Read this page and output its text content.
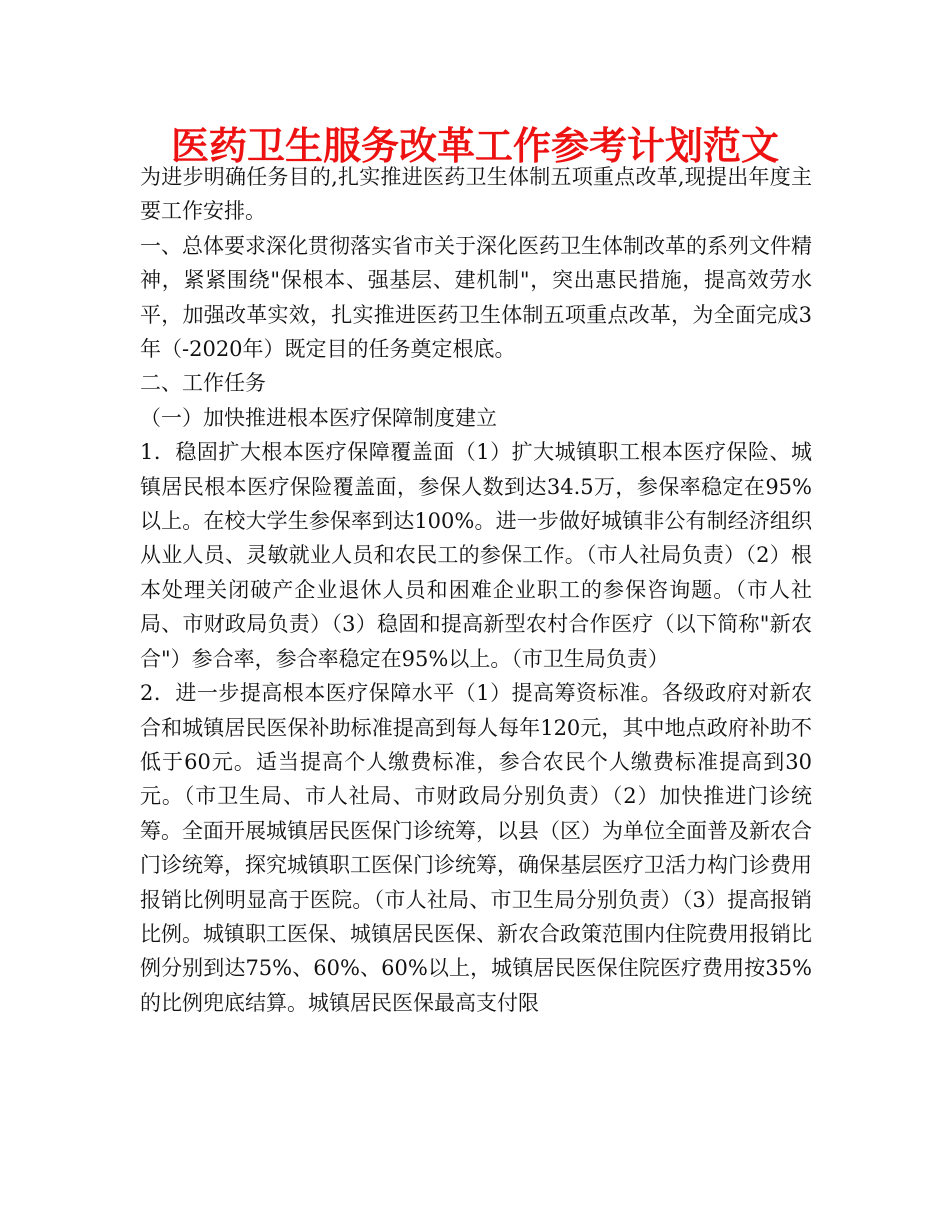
医药卫生服务改革工作参考计划范文

为进步明确任务目的,扎实推进医药卫生体制五项重点改革,现提出年度主要工作安排。

一、总体要求深化贯彻落实省市关于深化医药卫生体制改革的系列文件精神，紧紧围绕"保根本、强基层、建机制"，突出惠民措施，提高效劳水平，加强改革实效，扎实推进医药卫生体制五项重点改革，为全面完成3年（-2020年）既定目的任务奠定根底。

二、工作任务

（一）加快推进根本医疗保障制度建立

1．稳固扩大根本医疗保障覆盖面（1）扩大城镇职工根本医疗保险、城镇居民根本医疗保险覆盖面，参保人数到达34.5万，参保率稳定在95%以上。在校大学生参保率到达100%。进一步做好城镇非公有制经济组织从业人员、灵敏就业人员和农民工的参保工作。（市人社局负责）（2）根本处理关闭破产企业退休人员和困难企业职工的参保咨询题。（市人社局、市财政局负责）（3）稳固和提高新型农村合作医疗（以下简称"新农合"）参合率，参合率稳定在95%以上。（市卫生局负责）

2．进一步提高根本医疗保障水平（1）提高筹资标准。各级政府对新农合和城镇居民医保补助标准提高到每人每年120元，其中地点政府补助不低于60元。适当提高个人缴费标准，参合农民个人缴费标准提高到30元。（市卫生局、市人社局、市财政局分别负责）（2）加快推进门诊统筹。全面开展城镇居民医保门诊统筹，以县（区）为单位全面普及新农合门诊统筹，探究城镇职工医保门诊统筹，确保基层医疗卫活力构门诊费用报销比例明显高于医院。（市人社局、市卫生局分别负责）（3）提高报销比例。城镇职工医保、城镇居民医保、新农合政策范围内住院费用报销比例分别到达75%、60%、60%以上，城镇居民医保住院医疗费用按35%的比例兜底结算。城镇居民医保最高支付限
